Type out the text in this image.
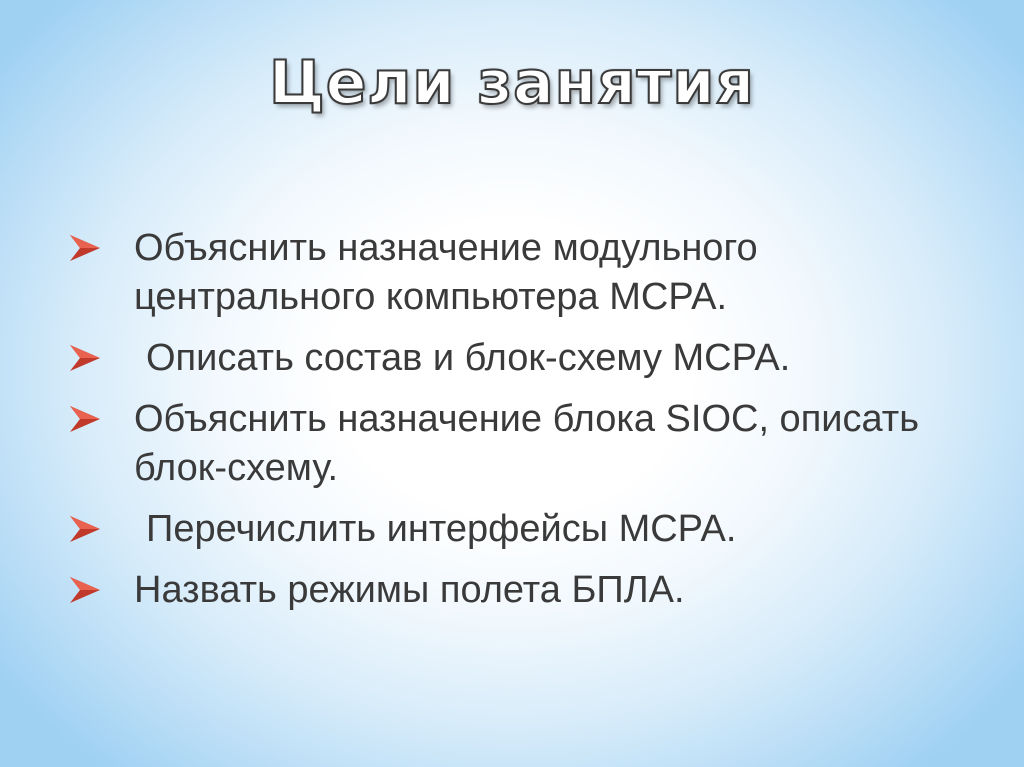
Цели занятия
Объяснить назначение модульного центрального компьютера МСРА.
Описать состав и блок-схему МСРА.
Объяснить назначение блока SIOC, описать блок-схему.
Перечислить интерфейсы МСРА.
Назвать режимы полета БПЛА.
